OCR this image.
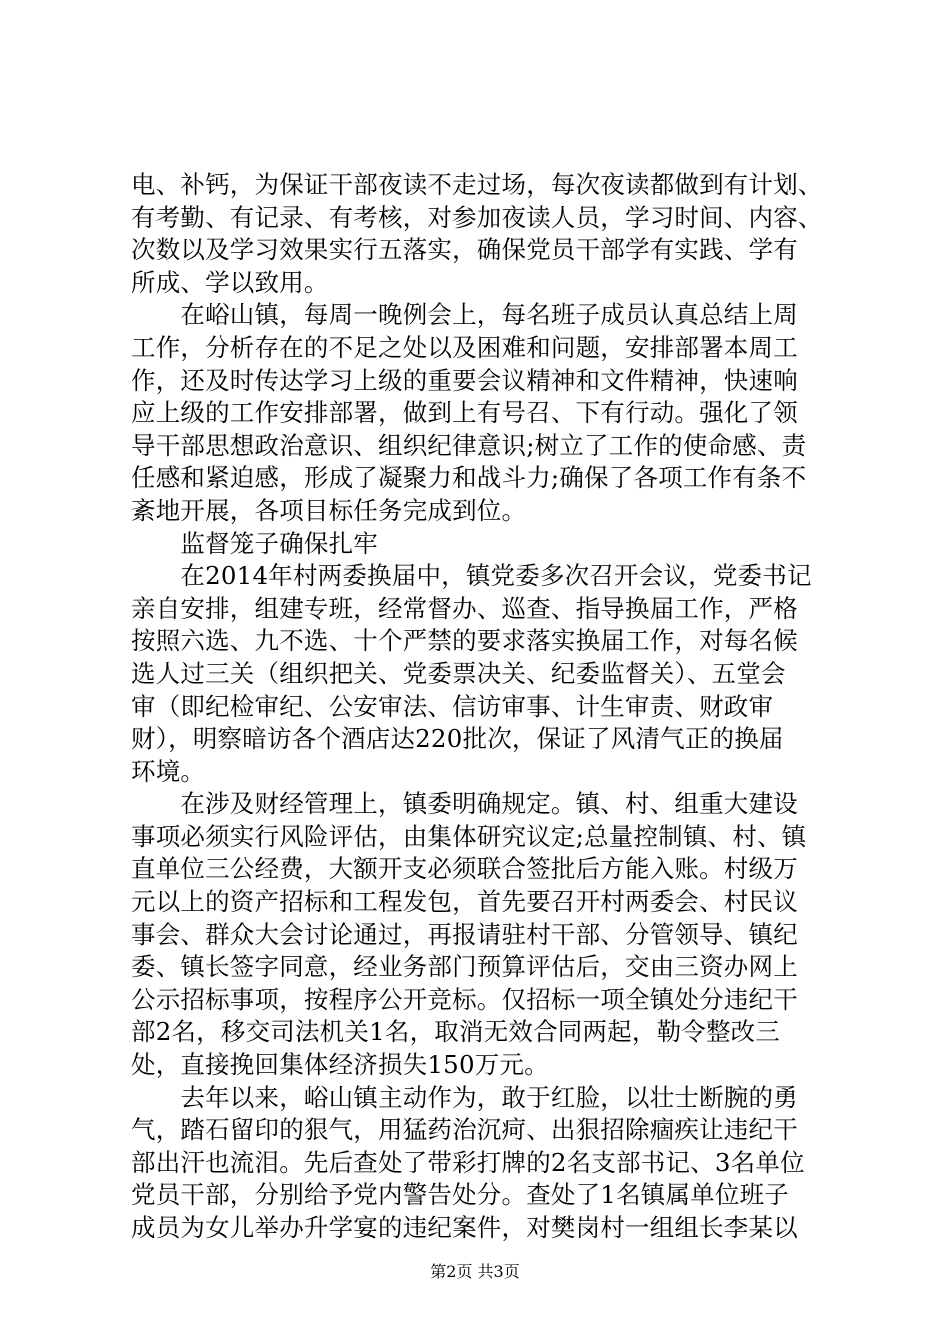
电、补钙，为保证干部夜读不走过场，每次夜读都做到有计划、
有考勤、有记录、有考核，对参加夜读人员，学习时间、内容、
次数以及学习效果实行五落实，确保党员干部学有实践、学有
所成、学以致用。
　　在峪山镇，每周一晚例会上，每名班子成员认真总结上周
工作，分析存在的不足之处以及困难和问题，安排部署本周工
作，还及时传达学习上级的重要会议精神和文件精神，快速响
应上级的工作安排部署，做到上有号召、下有行动。强化了领
导干部思想政治意识、组织纪律意识;树立了工作的使命感、责
任感和紧迫感，形成了凝聚力和战斗力;确保了各项工作有条不
紊地开展，各项目标任务完成到位。
　　监督笼子确保扎牢
　　在2014年村两委换届中，镇党委多次召开会议，党委书记
亲自安排，组建专班，经常督办、巡查、指导换届工作，严格
按照六选、九不选、十个严禁的要求落实换届工作，对每名候
选人过三关（组织把关、党委票决关、纪委监督关）、五堂会
审（即纪检审纪、公安审法、信访审事、计生审责、财政审
财），明察暗访各个酒店达220批次，保证了风清气正的换届
环境。
　　在涉及财经管理上，镇委明确规定。镇、村、组重大建设
事项必须实行风险评估，由集体研究议定;总量控制镇、村、镇
直单位三公经费，大额开支必须联合签批后方能入账。村级万
元以上的资产招标和工程发包，首先要召开村两委会、村民议
事会、群众大会讨论通过，再报请驻村干部、分管领导、镇纪
委、镇长签字同意，经业务部门预算评估后，交由三资办网上
公示招标事项，按程序公开竞标。仅招标一项全镇处分违纪干
部2名，移交司法机关1名，取消无效合同两起，勒令整改三
处，直接挽回集体经济损失150万元。
　　去年以来，峪山镇主动作为，敢于红脸，以壮士断腕的勇
气，踏石留印的狠气，用猛药治沉疴、出狠招除痼疾让违纪干
部出汗也流泪。先后查处了带彩打牌的2名支部书记、3名单位
党员干部，分别给予党内警告处分。查处了1名镇属单位班子
成员为女儿举办升学宴的违纪案件，对樊岗村一组组长李某以
第2页 共3页
